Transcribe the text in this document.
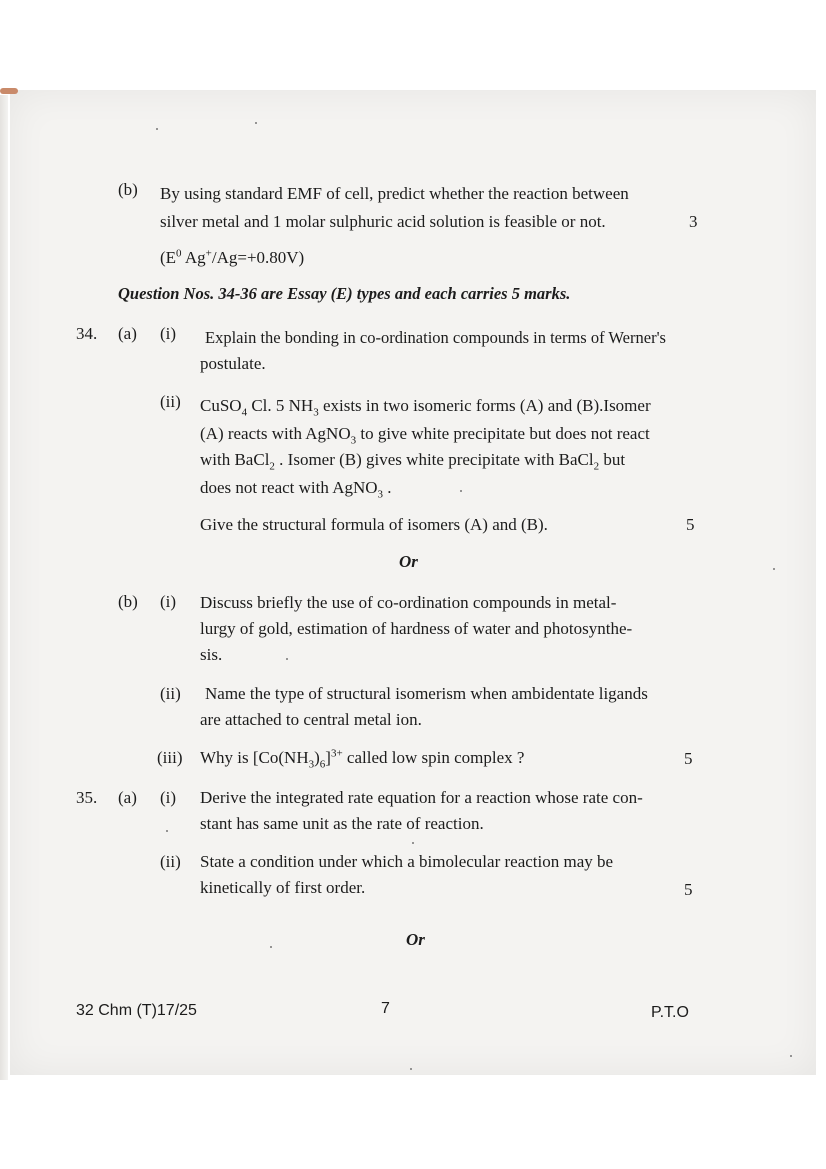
(b) By using standard EMF of cell, predict whether the reaction between
silver metal and 1 molar sulphuric acid solution is feasible or not.	3
($E^0$ Ag+/Ag=+0.80V)
Question Nos. 34-36 are Essay (E) types and each carries 5 marks.
34. (a) (i) Explain the bonding in co-ordination compounds in terms of Werner's
postulate.
(ii) CuSO$_4$ Cl. 5 $NH_3$ exists in two isomeric forms (A) and (B).Isomer
(A) reacts with AgNO$_3$ to give white precipitate but does not react
with BaCl$_2$ . Isomer (B) gives white precipitate with BaCl$_2$ but
does not react with AgNO$_3$ .
Give the structural formula of isomers (A) and (B).	5
Or
(b) (i) Discuss briefly the use of co-ordination compounds in metal-
lurgy of gold, estimation of hardness of water and photosynthe-
sis.
(ii) Name the type of structural isomerism when ambidentate ligands
are attached to central metal ion.
(iii) Why is $[Co(NH_3)_6]^{3+}$ called low spin complex ?	5
35. (a) (i) Derive the integrated rate equation for a reaction whose rate con-
stant has same unit as the rate of reaction.
(ii) State a condition under which a bimolecular reaction may be
kinetically of first order.	5
Or
32 Chm (T)17/25	7	P.T.O
